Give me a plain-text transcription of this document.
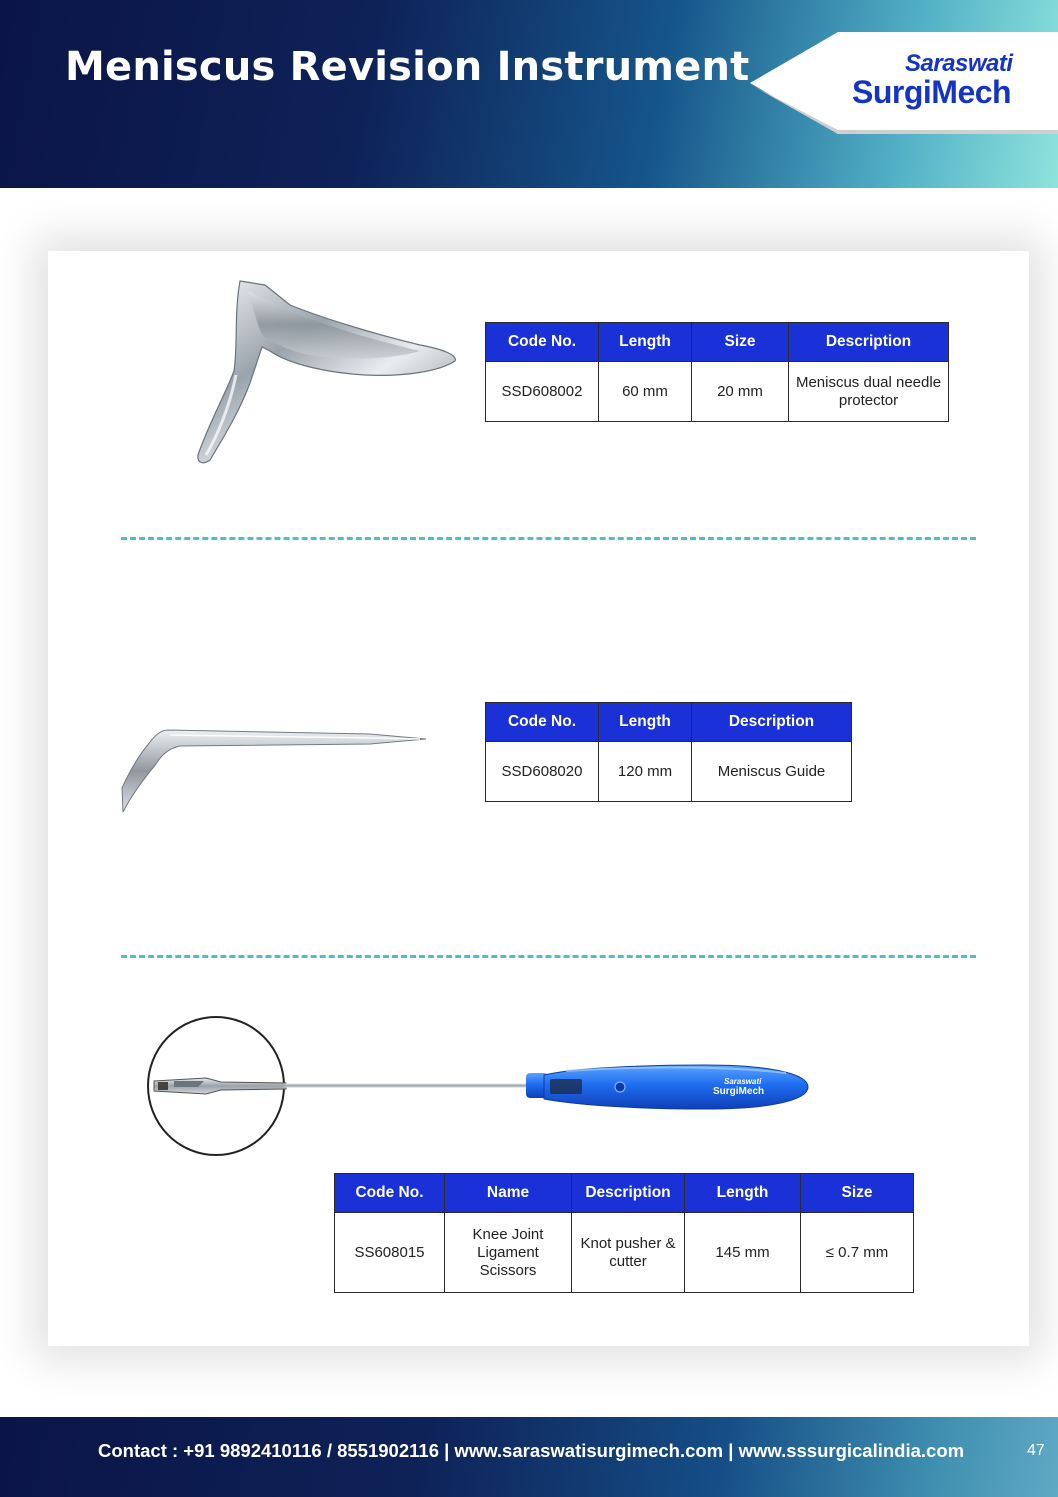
Meniscus Revision Instrument	Saraswati
SurgiMech
Code No.	Length	Size	Description
SSD608002	60 mm	20 mm	Meniscus dual needle protector
Code No.	Length	Description
SSD608020	120 mm	Meniscus Guide
Saraswati
SurgiMech
Code No.	Name	Description	Length	Size
SS608015	Knee Joint Ligament Scissors	Knot pusher & cutter	145 mm	≤ 0.7 mm
Contact : +91 9892410116 / 8551902116 | www.saraswatisurgimech.com | www.sssurgicalindia.com	47
